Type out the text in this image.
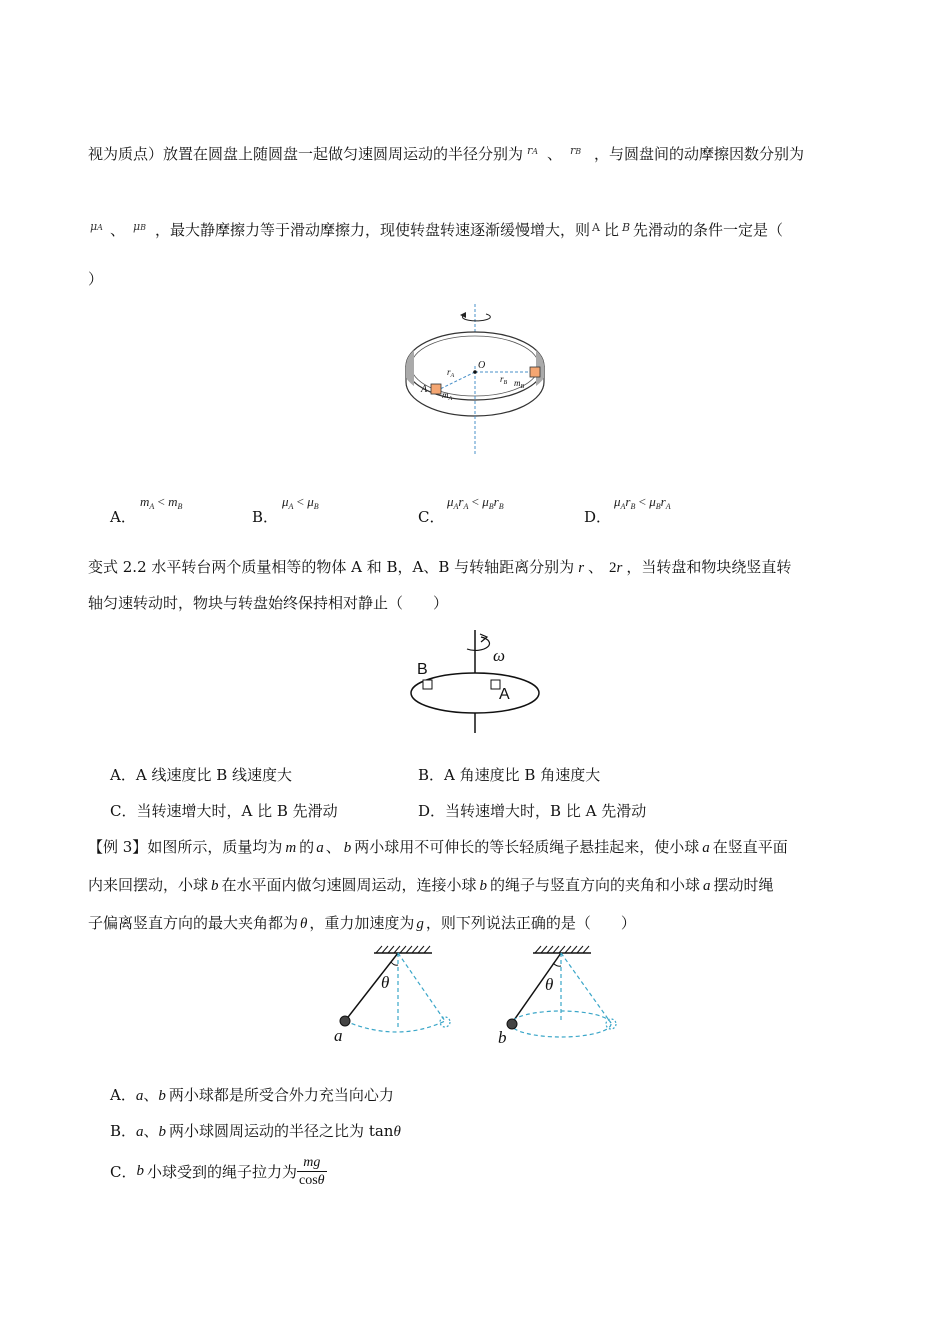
视为质点）放置在圆盘上随圆盘一起做匀速圆周运动的半径分别为 rA 、 rB ，与圆盘间的动摩擦因数分别为
μA 、 μB ，最大静摩擦力等于滑动摩擦力，现使转盘转速逐渐缓慢增大，则 A 比 B 先滑动的条件一定是（
）
O
$r_A$	$r_B$
A $m_A$
$m_B$
A．
$m_A < m_B$
B．
$\mu_A < \mu_B$
C．
$\mu_Ar_A < \mu_Br_B$
D．
$\mu_Ar_B < \mu_Br_A$
变式 2.2 水平转台两个质量相等的物体 A 和 B，A、B 与转轴距离分别为 r 、 2r ，当转盘和物块绕竖直转
轴匀速转动时，物块与转盘始终保持相对静止（　　）
B
A
ω
A．A 线速度比 B 线速度大	B．A 角速度比 B 角速度大
C．当转速增大时，A 比 B 先滑动	D．当转速增大时，B 比 A 先滑动
【例 3】如图所示，质量均为 m 的 a 、 b 两小球用不可伸长的等长轻质绳子悬挂起来，使小球 a 在竖直平面
内来回摆动，小球 b 在水平面内做匀速圆周运动，连接小球 b 的绳子与竖直方向的夹角和小球 a 摆动时绳
子偏离竖直方向的最大夹角都为 θ ，重力加速度为 g ，则下列说法正确的是（　　）
θ
a
θ
b
A．a、b 两小球都是所受合外力充当向心力
B．a、b 两小球圆周运动的半径之比为 tanθ
C．b 小球受到的绳子拉力为 $\frac{mg}{\cos\theta}$
